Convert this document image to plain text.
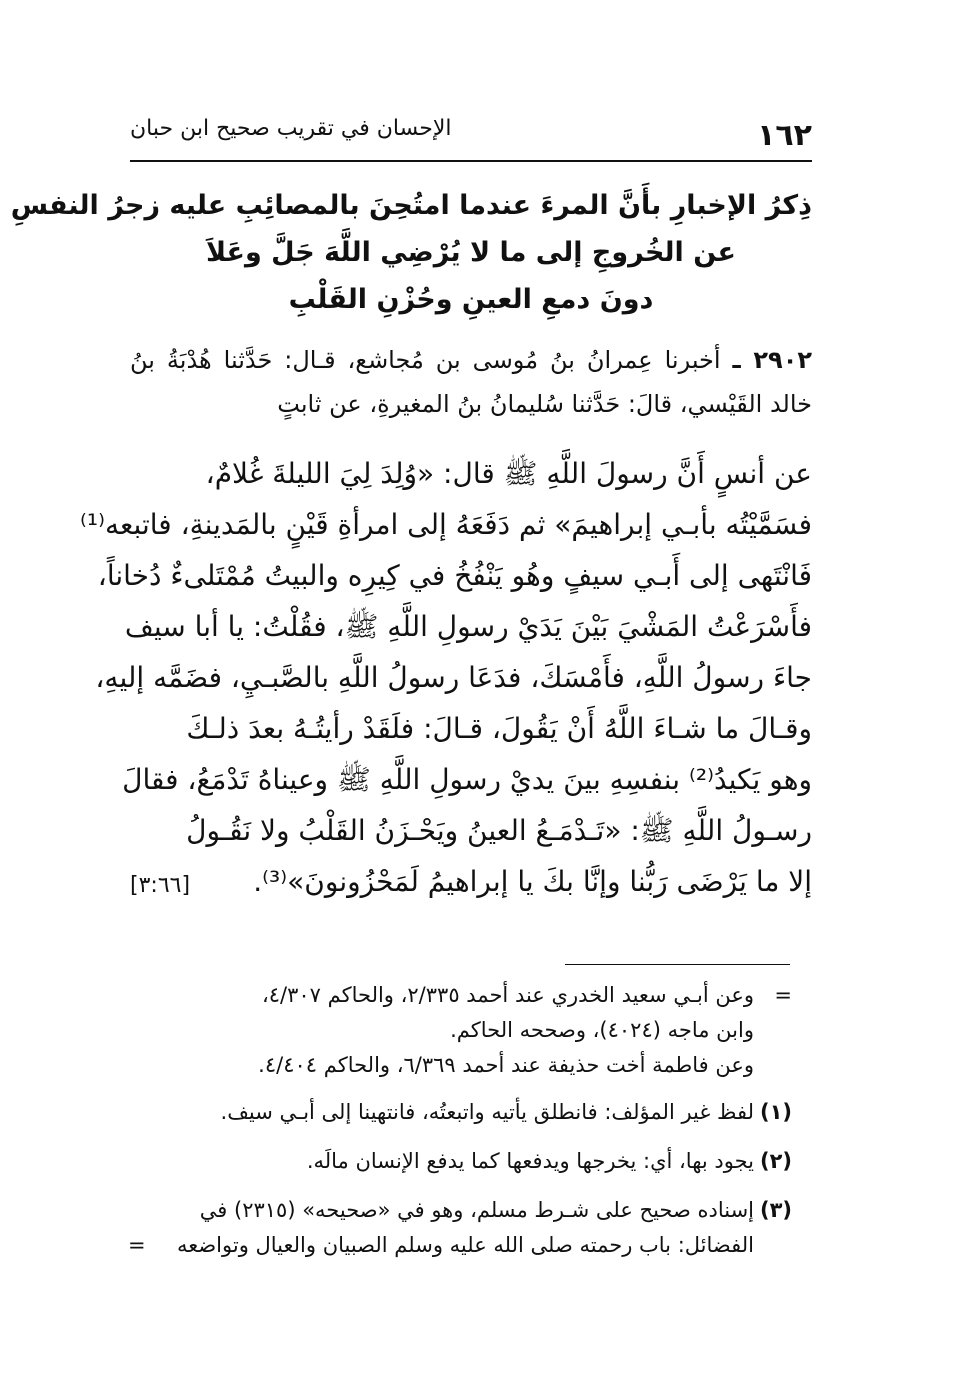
١٦٢
الإحسان في تقريب صحيح ابن حبان
ذِكرُ الإخبارِ بأَنَّ المرءَ عندما امتُحِنَ بالمصائِبِ عليه زجرُ النفسِ
عن الخُروجِ إلى ما لا يُرْضِي اللَّهَ جَلَّ وعَلاَ
دونَ دمعِ العينِ وحُزْنِ القَلْبِ
٢٩٠٢ ـ أخبرنا عِمرانُ بنُ مُوسى بن مُجاشع، قـال: حَدَّثنا هُدْبَةُ بنُ خالد القَيْسي، قالَ: حَدَّثنا سُليمانُ بنُ المغيرةِ، عن ثابتٍ
عن أنسٍ أَنَّ رسولَ اللَّهِ ﷺ قال: «وُلِدَ لِيَ الليلةَ غُلامٌ،
فسَمَّيْتُه بأبـي إبراهيمَ» ثم دَفَعَهُ إلى امرأةِ قَيْنٍ بالمَدينةِ، فاتبعه⁽¹⁾
فَانْتَهى إلى أَبـي سيفٍ وهُو يَنْفُخُ في كِيرِه والبيتُ مُمْتَلىءٌ دُخاناً،
فأَسْرَعْتُ المَشْيَ بَيْنَ يَدَيْ رسولِ اللَّهِ ﷺ، فقُلْتُ: يا أبا سيف
جاءَ رسولُ اللَّهِ، فأَمْسَكَ، فدَعَا رسولُ اللَّهِ بالصَّبـيِ، فضَمَّه إليهِ،
وقـالَ ما شـاءَ اللَّهُ أَنْ يَقُولَ، قـالَ: فلَقَدْ رأيتُـهُ بعدَ ذلـكَ
وهو يَكيدُ⁽²⁾ بنفسِهِ بينَ يديْ رسولِ اللَّهِ ﷺ وعيناهُ تَدْمَعُ، فقالَ
رسـولُ اللَّهِ ﷺ: «تَـدْمَـعُ العينُ ويَحْـزَنُ القَلْبُ ولا نَقُـولُ
إلا ما يَرْضَى رَبُّنا وإنَّا بكَ يا إبراهيمُ لَمَحْزُونونَ»⁽³⁾.
[٣:٦٦]
=
وعن أبـي سعيد الخدري عند أحمد ٢/٣٣٥، والحاكم ٤/٣٠٧،
وابن ماجه (٤٠٢٤)، وصححه الحاكم.
وعن فاطمة أخت حذيفة عند أحمد ٦/٣٦٩، والحاكم ٤/٤٠٤.
(١)
لفظ غير المؤلف: فانطلق يأتيه واتبعتُه، فانتهينا إلى أبـي سيف.
(٢)
يجود بها، أي: يخرجها ويدفعها كما يدفع الإنسان مالَه.
(٣)
إسناده صحيح على شـرط مسلم، وهو في «صحيحه» (٢٣١٥) في الفضائل: باب رحمته صلى الله عليه وسلم الصبيان والعيال وتواضعه
=
